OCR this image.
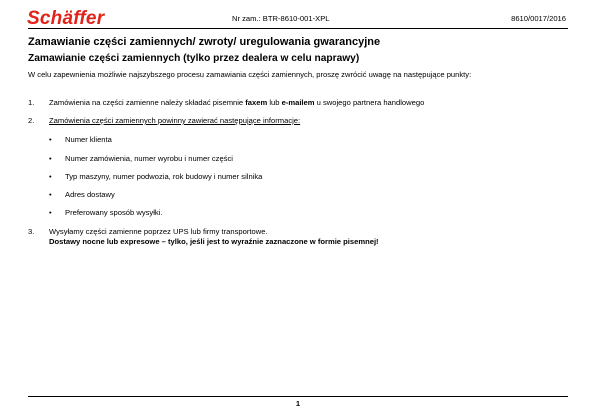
Schäffer	Nr zam.: BTR-8610-001-XPL	8610/0017/2016
Zamawianie części zamiennych/ zwroty/ uregulowania gwarancyjne
Zamawianie części zamiennych (tylko przez dealera w celu naprawy)
W celu zapewnienia możliwie najszybszego procesu zamawiania części zamiennych, proszę zwrócić uwagę na następujące punkty:
1. Zamówienia na części zamienne należy składać pisemnie faxem lub e-mailem u swojego partnera handlowego
2. Zamówienia części zamiennych powinny zawierać następujące informacje:
• Numer klienta
• Numer zamówienia, numer wyrobu i numer części
• Typ maszyny, numer podwozia, rok budowy i numer silnika
• Adres dostawy
• Preferowany sposób wysyłki.
3. Wysyłamy części zamienne poprzez UPS lub firmy transportowe.
Dostawy nocne lub expresowe – tylko, jeśli jest to wyraźnie zaznaczone w formie pisemnej!
1
